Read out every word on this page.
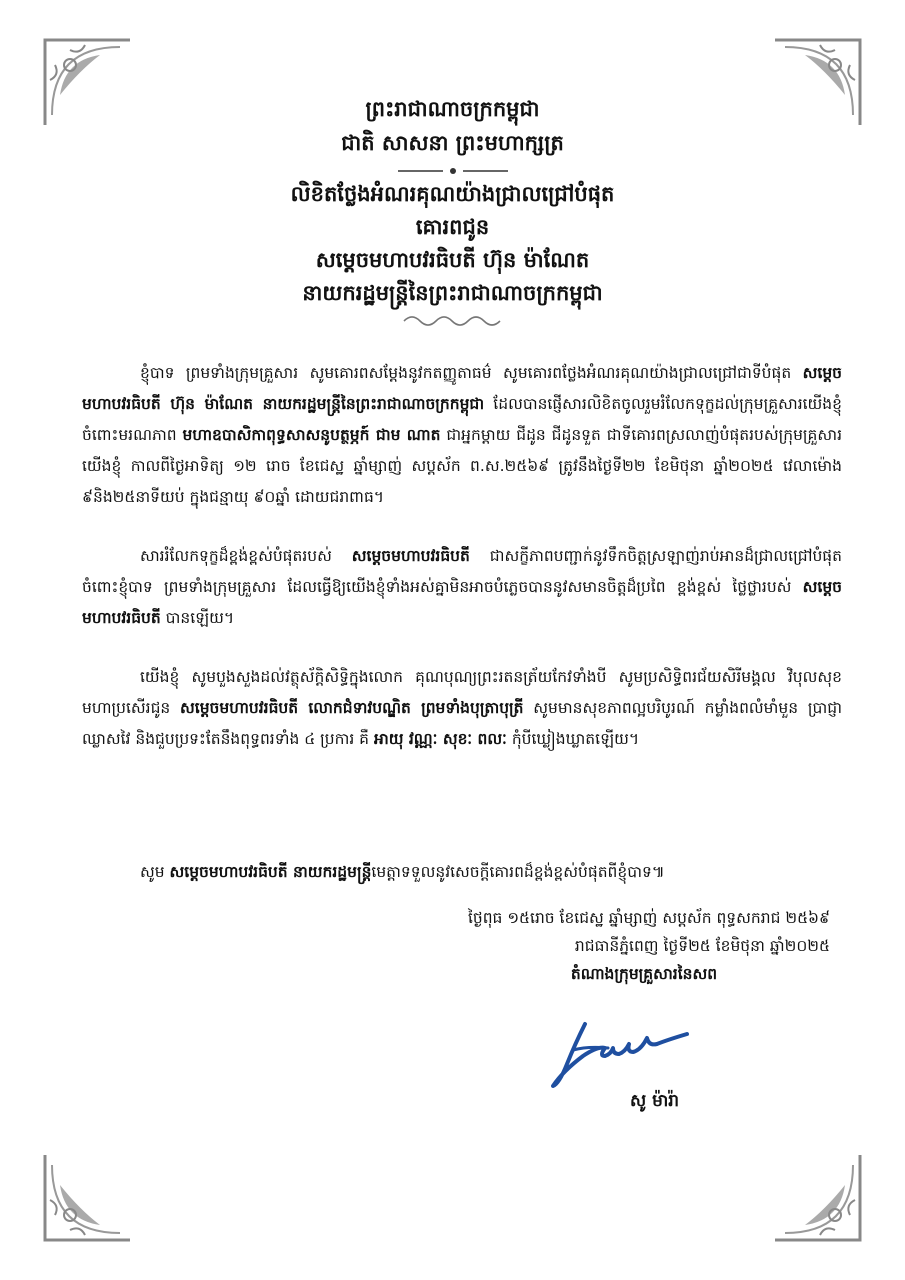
ព្រះរាជាណាចក្រកម្ពុជា
ជាតិ សាសនា ព្រះមហាក្សត្រ
លិខិតថ្លែងអំណរគុណយ៉ាងជ្រាលជ្រៅបំផុត
គោរពជូន
សម្តេចមហាបវរធិបតី ហ៊ុន ម៉ាណែត
នាយករដ្ឋមន្ត្រីនៃព្រះរាជាណាចក្រកម្ពុជា

ខ្ញុំបាទ ព្រមទាំងក្រុមគ្រួសារ សូមគោរពសម្តែងនូវកតញ្ញូតាធម៌ សូមគោរពថ្លែងអំណរគុណយ៉ាងជ្រាលជ្រៅជាទីបំផុត សម្តេចមហាបវរធិបតី ហ៊ុន ម៉ាណែត នាយករដ្ឋមន្ត្រីនៃព្រះរាជាណាចក្រកម្ពុជា ដែលបានផ្ញើសារលិខិតចូលរួមរំលែកទុក្ខដល់ក្រុមគ្រួសារយើងខ្ញុំ ចំពោះមរណភាព មហាឧបាសិកាពុទ្ធសាសនូបត្ថម្ភក៍ ជាម ណាត ជាអ្នកម្តាយ ជីដូន ជីដូនទួត ជាទីគោរពស្រលាញ់បំផុតរបស់ក្រុមគ្រួសារយើងខ្ញុំ កាលពីថ្ងៃអាទិត្យ ១២ រោច ខែជេស្ឋ ឆ្នាំម្សាញ់ សប្តស័ក ព.ស.២៥៦៩ ត្រូវនឹងថ្ងៃទី២២ ខែមិថុនា ឆ្នាំ២០២៥ វេលាម៉ោង ៩និង២៥នាទីយប់ ក្នុងជន្មាយុ ៩០ឆ្នាំ ដោយជរាពាធ។

សាររំលែកទុក្ខដ៏ខ្ពង់ខ្ពស់បំផុតរបស់ សម្តេចមហាបវរធិបតី ជាសក្ខីភាពបញ្ជាក់នូវទឹកចិត្តស្រឡាញ់រាប់អានដ៏ជ្រាលជ្រៅបំផុតចំពោះខ្ញុំបាទ ព្រមទាំងក្រុមគ្រួសារ ដែលធ្វើឱ្យយើងខ្ញុំទាំងអស់គ្នាមិនអាចបំភ្លេចបាននូវសមានចិត្តដ៏ប្រពៃ ខ្ពង់ខ្ពស់ ថ្លៃថ្លារបស់ សម្តេចមហាបវរធិបតី បានឡើយ។

យើងខ្ញុំ សូមបួងសួងដល់វត្ថុស័ក្តិសិទ្ធិក្នុងលោក គុណបុណ្យព្រះរតនត្រ័យកែវទាំងបី សូមប្រសិទ្ធិពរជ័យសិរីមង្គល វិបុលសុខ មហាប្រសើរជូន សម្តេចមហាបវរធិបតី លោកជំទាវបណ្ឌិត ព្រមទាំងបុត្រាបុត្រី សូមមានសុខភាពល្អបរិបូរណ៍ កម្លាំងពលំមាំមួន ប្រាជ្ញាឈ្លាសវៃ និងជួបប្រទះតែនឹងពុទ្ធពរទាំង ៤ ប្រការ គឺ អាយុ វណ្ណៈ សុខៈ ពលៈ កុំបីឃ្លៀងឃ្លាតឡើយ។

សូម សម្តេចមហាបវរធិបតី នាយករដ្ឋមន្ត្រីមេត្តាទទួលនូវសេចក្តីគោរពដ៏ខ្ពង់ខ្ពស់បំផុតពីខ្ញុំបាទ៕
ថ្ងៃពុធ ១៥រោច ខែជេស្ឋ ឆ្នាំម្សាញ់ សប្តស័ក ពុទ្ធសករាជ ២៥៦៩
រាជធានីភ្នំពេញ ថ្ងៃទី២៥ ខែមិថុនា ឆ្នាំ២០២៥
តំណាងក្រុមគ្រួសារនៃសព
សូ ម៉ារ៉ា
